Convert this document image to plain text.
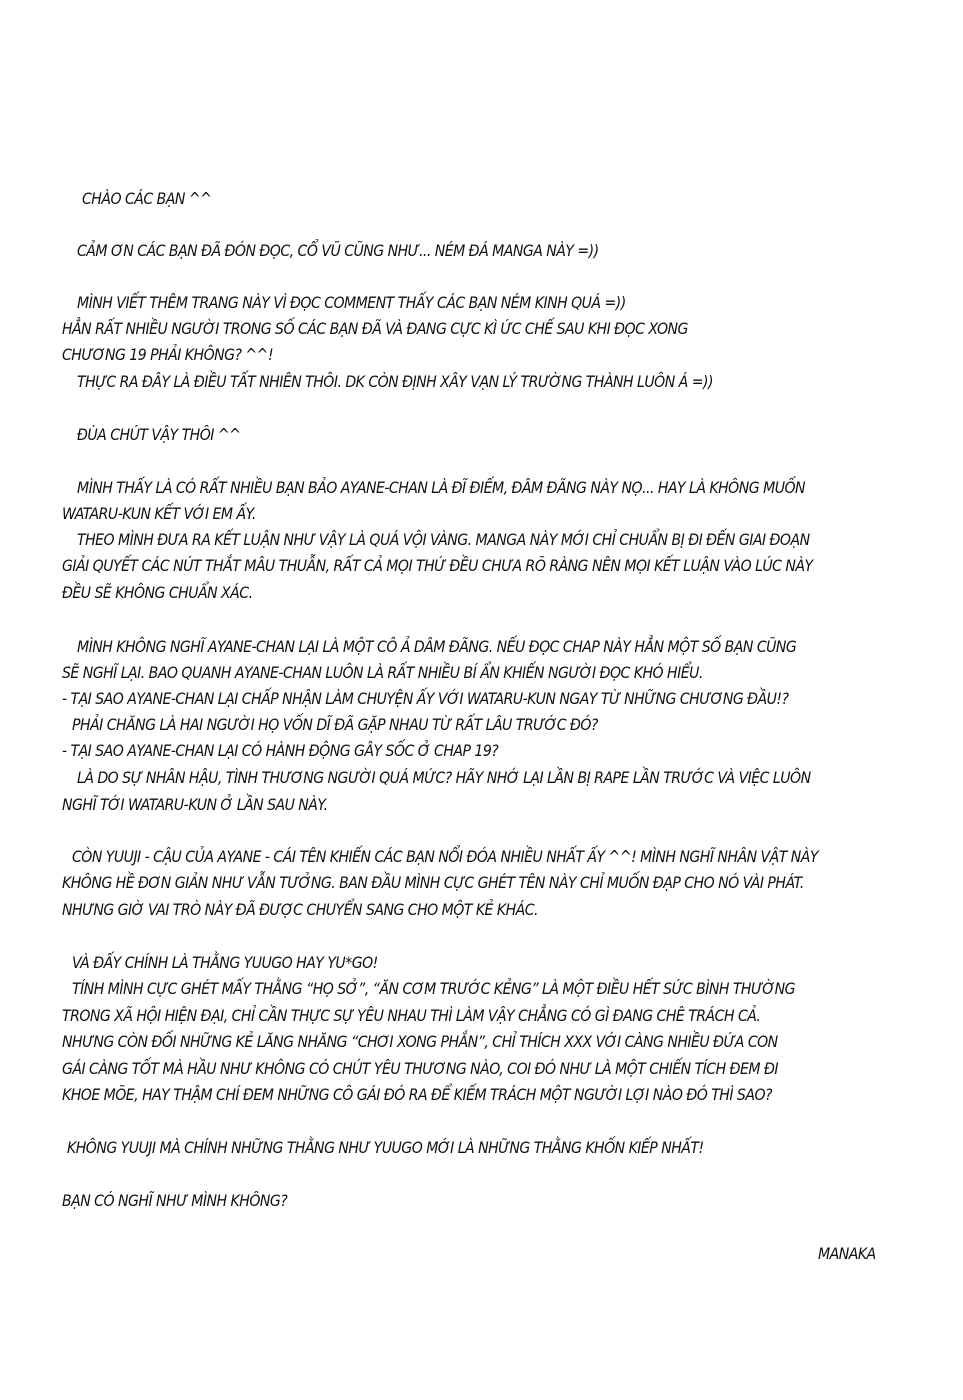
CHÀO CÁC BẠN ^^
CẢM ƠN CÁC BẠN ĐÃ ĐÓN ĐỌC, CỔ VŨ CŨNG NHƯ... NÉM ĐÁ MANGA NÀY =))
MÌNH VIẾT THÊM TRANG NÀY VÌ ĐỌC COMMENT THẤY CÁC BẠN NÉM KINH QUÁ =))
HẲN RẤT NHIỀU NGƯỜI TRONG SỐ CÁC BẠN ĐÃ VÀ ĐANG CỰC KÌ ỨC CHẾ SAU KHI ĐỌC XONG
CHƯƠNG 19 PHẢI KHÔNG? ^^!
THỰC RA ĐÂY LÀ ĐIỀU TẤT NHIÊN THÔI. DK CÒN ĐỊNH XÂY VẠN LÝ TRƯỜNG THÀNH LUÔN Á =))
ĐÙA CHÚT VẬY THÔI ^^
MÌNH THẤY LÀ CÓ RẤT NHIỀU BẠN BẢO AYANE-CHAN LÀ ĐĨ ĐIẾM, ĐÂM ĐÃNG NÀY NỌ... HAY LÀ KHÔNG MUỐN
WATARU-KUN KẾT VỚI EM ẤY.
THEO MÌNH ĐƯA RA KẾT LUẬN NHƯ VẬY LÀ QUÁ VỘI VÀNG. MANGA NÀY MỚI CHỈ CHUẨN BỊ ĐI ĐẾN GIAI ĐOẠN
GIẢI QUYẾT CÁC NÚT THẮT MÂU THUẪN, RẤT CẢ MỌI THỨ ĐỀU CHƯA RÕ RÀNG NÊN MỌI KẾT LUẬN VÀO LÚC NÀY
ĐỀU SẼ KHÔNG CHUẨN XÁC.
MÌNH KHÔNG NGHĨ AYANE-CHAN LẠI LÀ MỘT CÔ Ả DÂM ĐÃNG. NẾU ĐỌC CHAP NÀY HẲN MỘT SỐ BẠN CŨNG
SẼ NGHĨ LẠI. BAO QUANH AYANE-CHAN LUÔN LÀ RẤT NHIỀU BÍ ẨN KHIẾN NGƯỜI ĐỌC KHÓ HIỂU.
- TẠI SAO AYANE-CHAN LẠI CHẤP NHẬN LÀM CHUYỆN ẤY VỚI WATARU-KUN NGAY TỪ NHỮNG CHƯƠNG ĐẦU!?
PHẢI CHĂNG LÀ HAI NGƯỜI HỌ VỐN DĨ ĐÃ GẶP NHAU TỪ RẤT LÂU TRƯỚC ĐÓ?
- TẠI SAO AYANE-CHAN LẠI CÓ HÀNH ĐỘNG GÂY SỐC Ở CHAP 19?
LÀ DO SỰ NHÂN HẬU, TÌNH THƯƠNG NGƯỜI QUÁ MỨC? HÃY NHỚ LẠI LẦN BỊ RAPE LẦN TRƯỚC VÀ VIỆC LUÔN
NGHĨ TỚI WATARU-KUN Ở LẦN SAU NÀY.
CÒN YUUJI - CẬU CỦA AYANE - CÁI TÊN KHIẾN CÁC BẠN NỔI ĐÓA NHIỀU NHẤT ẤY ^^! MÌNH NGHĨ NHÂN VẬT NÀY
KHÔNG HỀ ĐƠN GIẢN NHƯ VẪN TƯỞNG. BAN ĐẦU MÌNH CỰC GHÉT TÊN NÀY CHỈ MUỐN ĐẠP CHO NÓ VÀI PHÁT.
NHƯNG GIỜ VAI TRÒ NÀY ĐÃ ĐƯỢC CHUYỂN SANG CHO MỘT KẺ KHÁC.
VÀ ĐẤY CHÍNH LÀ THẰNG YUUGO HAY YU*GO!
TÍNH MÌNH CỰC GHÉT MẤY THẰNG “HỌ SỞ”, “ĂN CƠM TRƯỚC KẺNG” LÀ MỘT ĐIỀU HẾT SỨC BÌNH THƯỜNG
TRONG XÃ HỘI HIỆN ĐẠI, CHỈ CẦN THỰC SỰ YÊU NHAU THÌ LÀM VẬY CHẲNG CÓ GÌ ĐANG CHÊ TRÁCH CẢ.
NHƯNG CÒN ĐỐI NHỮNG KẺ LĂNG NHĂNG “CHƠI XONG PHẮN”, CHỈ THÍCH XXX VỚI CÀNG NHIỀU ĐỨA CON
GÁI CÀNG TỐT MÀ HẦU NHƯ KHÔNG CÓ CHÚT YÊU THƯƠNG NÀO, COI ĐÓ NHƯ LÀ MỘT CHIẾN TÍCH ĐEM ĐI
KHOE MÕE, HAY THẬM CHÍ ĐEM NHỮNG CÔ GÁI ĐÓ RA ĐỂ KIẾM TRÁCH MỘT NGƯỜI LỢI NÀO ĐÓ THÌ SAO?
KHÔNG YUUJI MÀ CHÍNH NHỮNG THẰNG NHƯ YUUGO MỚI LÀ NHỮNG THẰNG KHỐN KIẾP NHẤT!
BẠN CÓ NGHĨ NHƯ MÌNH KHÔNG?
MANAKA
